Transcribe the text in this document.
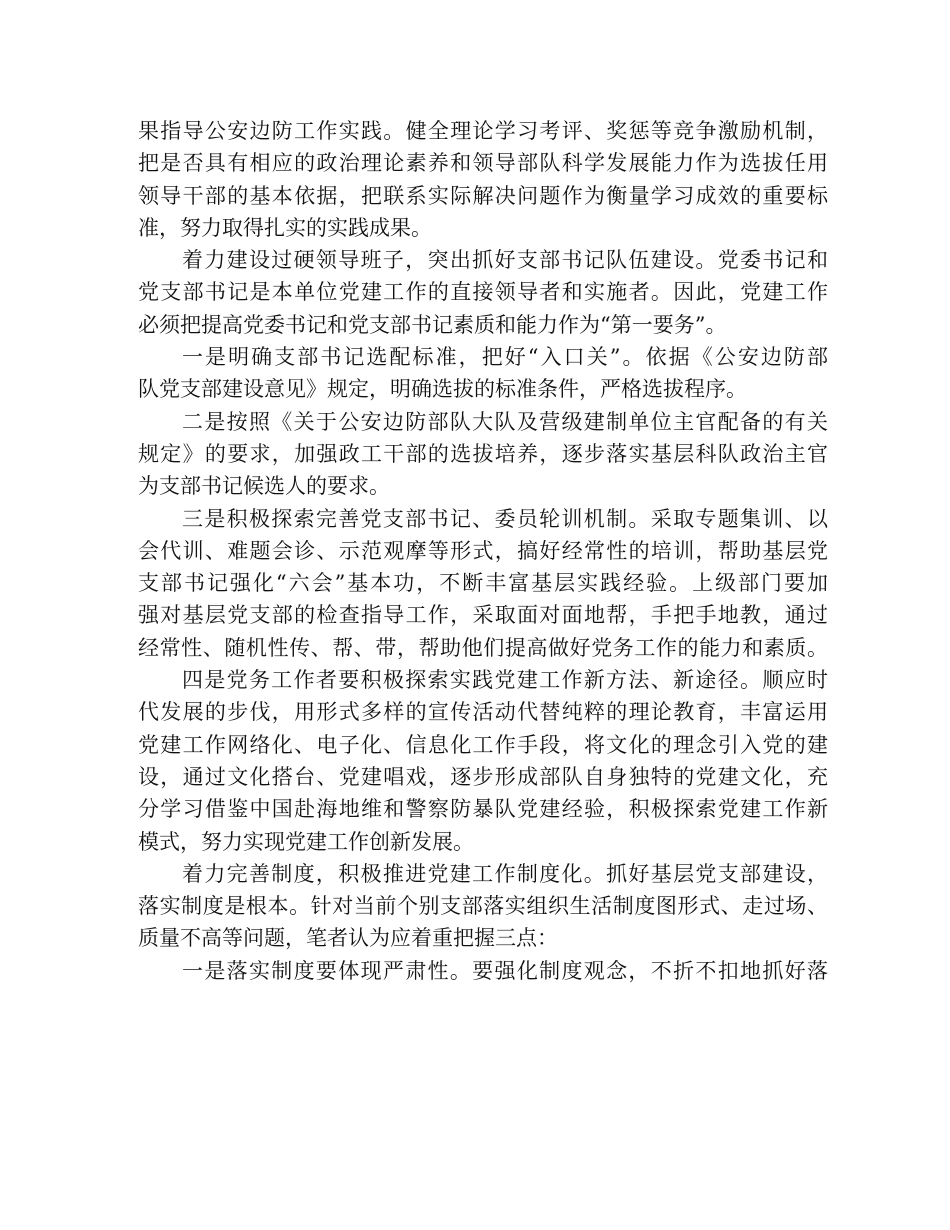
果指导公安边防工作实践。健全理论学习考评、奖惩等竞争激励机制，
把是否具有相应的政治理论素养和领导部队科学发展能力作为选拔任用
领导干部的基本依据，把联系实际解决问题作为衡量学习成效的重要标
准，努力取得扎实的实践成果。
着力建设过硬领导班子，突出抓好支部书记队伍建设。党委书记和
党支部书记是本单位党建工作的直接领导者和实施者。因此，党建工作
必须把提高党委书记和党支部书记素质和能力作为“第一要务”。
一是明确支部书记选配标准，把好“入口关”。依据《公安边防部
队党支部建设意见》规定，明确选拔的标准条件，严格选拔程序。
二是按照《关于公安边防部队大队及营级建制单位主官配备的有关
规定》的要求，加强政工干部的选拔培养，逐步落实基层科队政治主官
为支部书记候选人的要求。
三是积极探索完善党支部书记、委员轮训机制。采取专题集训、以
会代训、难题会诊、示范观摩等形式，搞好经常性的培训，帮助基层党
支部书记强化“六会”基本功，不断丰富基层实践经验。上级部门要加
强对基层党支部的检查指导工作，采取面对面地帮，手把手地教，通过
经常性、随机性传、帮、带，帮助他们提高做好党务工作的能力和素质。
四是党务工作者要积极探索实践党建工作新方法、新途径。顺应时
代发展的步伐，用形式多样的宣传活动代替纯粹的理论教育，丰富运用
党建工作网络化、电子化、信息化工作手段，将文化的理念引入党的建
设，通过文化搭台、党建唱戏，逐步形成部队自身独特的党建文化，充
分学习借鉴中国赴海地维和警察防暴队党建经验，积极探索党建工作新
模式，努力实现党建工作创新发展。
着力完善制度，积极推进党建工作制度化。抓好基层党支部建设，
落实制度是根本。针对当前个别支部落实组织生活制度图形式、走过场、
质量不高等问题，笔者认为应着重把握三点：
一是落实制度要体现严肃性。要强化制度观念，不折不扣地抓好落
